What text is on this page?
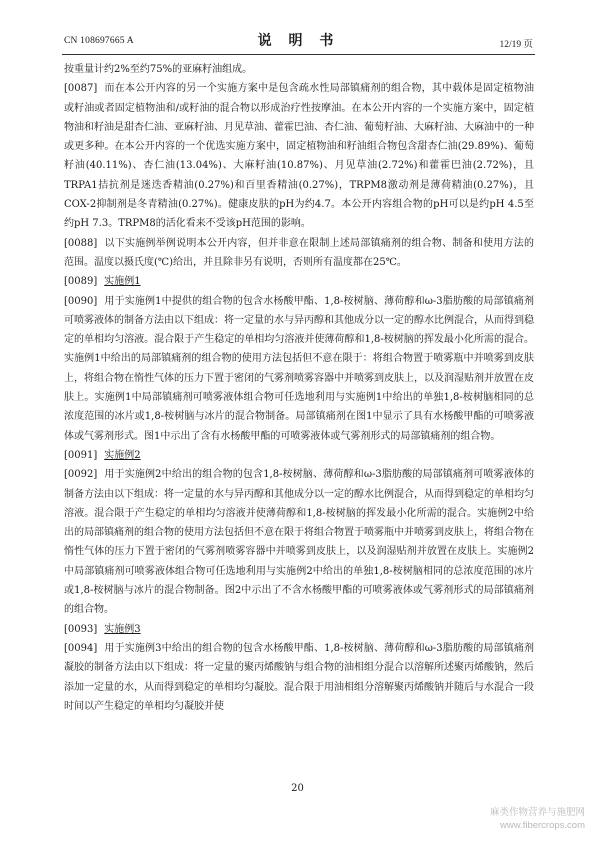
CN 108697665 A	说 明 书	12/19 页

按重量计约2%至约75%的亚麻籽油组成。

[0087] 而在本公开内容的另一个实施方案中是包含疏水性局部镇痛剂的组合物，其中载体是固定植物油或籽油或者固定植物油和/或籽油的混合物以形成治疗性按摩油。在本公开内容的一个实施方案中，固定植物油和籽油是甜杏仁油、亚麻籽油、月见草油、藿霍巴油、杏仁油、葡萄籽油、大麻籽油、大麻油中的一种或更多种。在本公开内容的一个优选实施方案中，固定植物油和籽油组合物包含甜杏仁油(29.89%)、葡萄籽油(40.11%)、杏仁油(13.04%)、大麻籽油(10.87%)、月见草油(2.72%)和藿霍巴油(2.72%)，且TRPA1拮抗剂是迷迭香精油(0.27%)和百里香精油(0.27%)，TRPM8激动剂是薄荷精油(0.27%)，且COX-2抑制剂是冬青精油(0.27%)。健康皮肤的pH为约4.7。本公开内容组合物的pH可以是约pH 4.5至约pH 7.3。TRPM8的活化看来不受该pH范围的影响。

[0088] 以下实施例举例说明本公开内容，但并非意在限制上述局部镇痛剂的组合物、制备和使用方法的范围。温度以摄氏度(℃)给出，并且除非另有说明，否则所有温度都在25℃。

[0089] 实施例1

[0090] 用于实施例1中提供的组合物的包含水杨酸甲酯、1,8-桉树脑、薄荷醇和ω-3脂肪酸的局部镇痛剂可喷雾液体的制备方法由以下组成：将一定量的水与异丙醇和其他成分以一定的醇水比例混合，从而得到稳定的单相均匀溶液。混合限于产生稳定的单相均匀溶液并使薄荷醇和1,8-桉树脑的挥发最小化所需的混合。实施例1中给出的局部镇痛剂的组合物的使用方法包括但不意在限于：将组合物置于喷雾瓶中并喷雾到皮肤上，将组合物在惰性气体的压力下置于密闭的气雾剂喷雾容器中并喷雾到皮肤上，以及润湿贴剂并放置在皮肤上。实施例1中局部镇痛剂可喷雾液体组合物可任选地利用与实施例1中给出的单独1,8-桉树脑相同的总浓度范围的冰片或1,8-桉树脑与冰片的混合物制备。局部镇痛剂在图1中显示了具有水杨酸甲酯的可喷雾液体或气雾剂形式。图1中示出了含有水杨酸甲酯的可喷雾液体或气雾剂形式的局部镇痛剂的组合物。

[0091] 实施例2

[0092] 用于实施例2中给出的组合物的包含1,8-桉树脑、薄荷醇和ω-3脂肪酸的局部镇痛剂可喷雾液体的制备方法由以下组成：将一定量的水与异丙醇和其他成分以一定的醇水比例混合，从而得到稳定的单相均匀溶液。混合限于产生稳定的单相均匀溶液并使薄荷醇和1,8-桉树脑的挥发最小化所需的混合。实施例2中给出的局部镇痛剂的组合物的使用方法包括但不意在限于将组合物置于喷雾瓶中并喷雾到皮肤上，将组合物在惰性气体的压力下置于密闭的气雾剂喷雾容器中并喷雾到皮肤上，以及润湿贴剂并放置在皮肤上。实施例2中局部镇痛剂可喷雾液体组合物可任选地利用与实施例2中给出的单独1,8-桉树脑相同的总浓度范围的冰片或1,8-桉树脑与冰片的混合物制备。图2中示出了不含水杨酸甲酯的可喷雾液体或气雾剂形式的局部镇痛剂的组合物。

[0093] 实施例3

[0094] 用于实施例3中给出的组合物的包含水杨酸甲酯、1,8-桉树脑、薄荷醇和ω-3脂肪酸的局部镇痛剂凝胶的制备方法由以下组成：将一定量的聚丙烯酸钠与组合物的油相组分混合以溶解所述聚丙烯酸钠，然后添加一定量的水，从而得到稳定的单相均匀凝胶。混合限于用油相组分溶解聚丙烯酸钠并随后与水混合一段时间以产生稳定的单相均匀凝胶并使

20
麻类作物营养与施肥网
www.fibercrops.com
